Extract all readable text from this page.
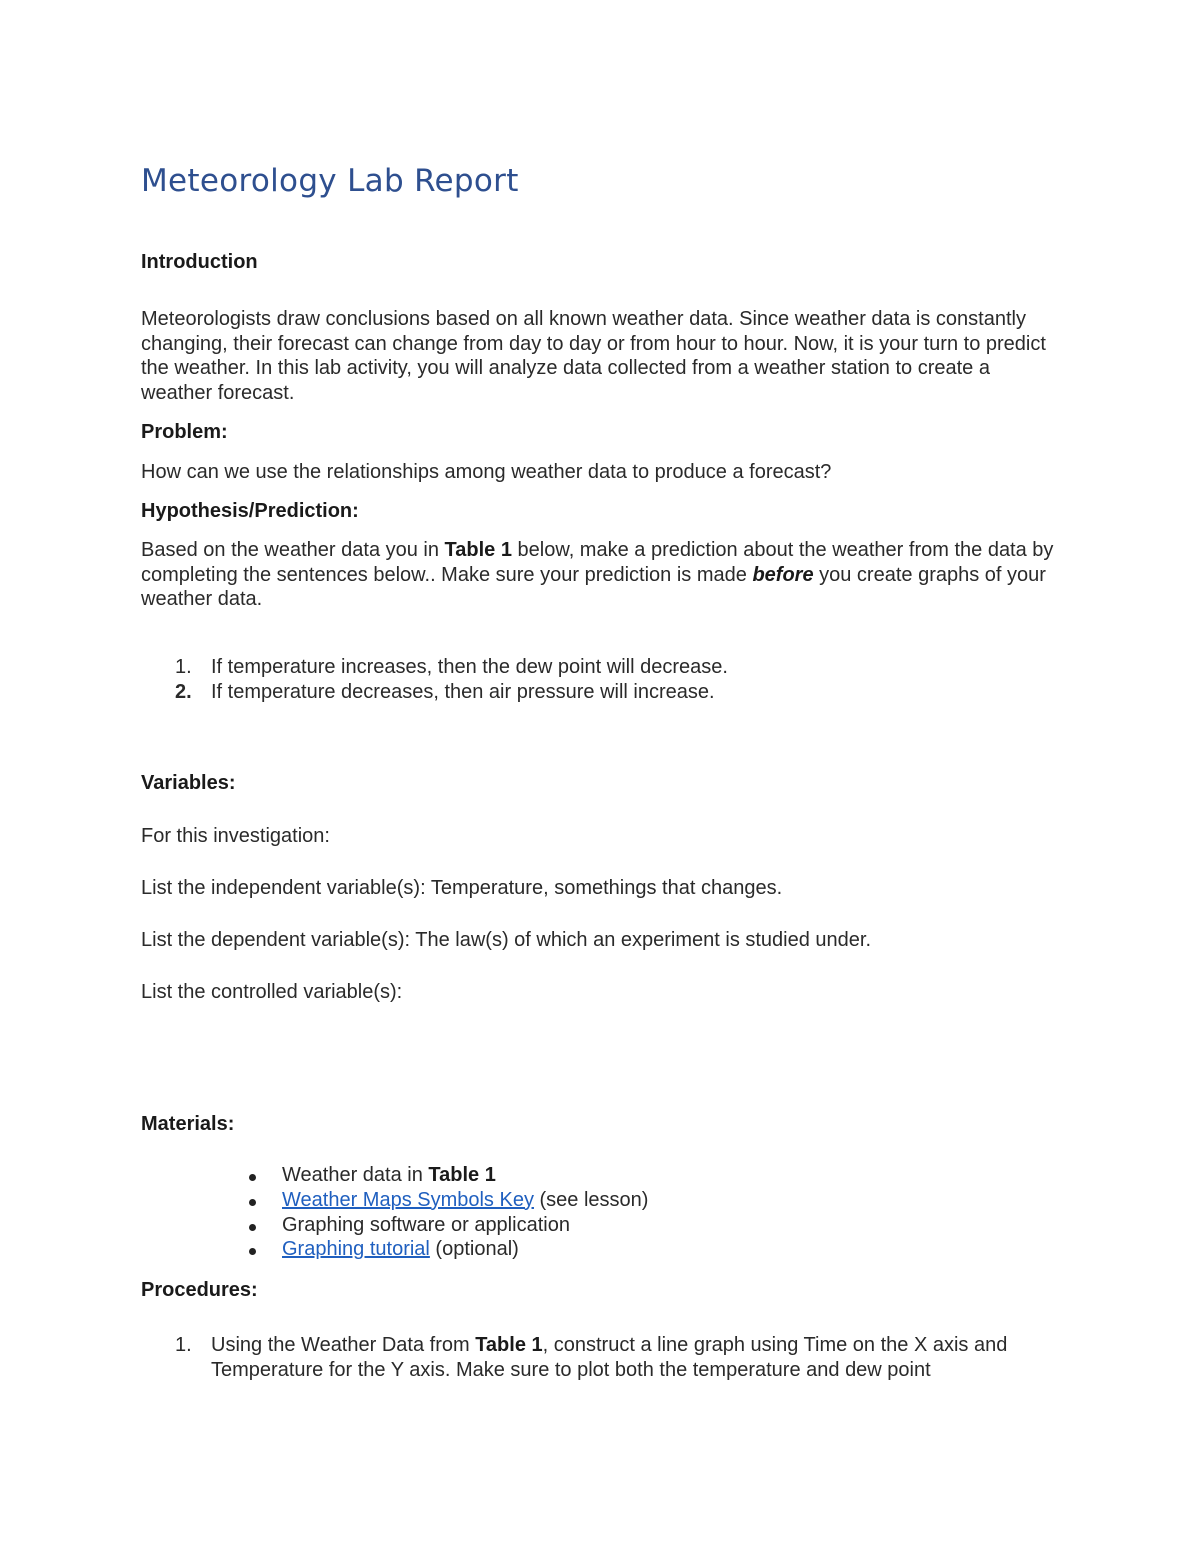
Meteorology Lab Report
Introduction

Meteorologists draw conclusions based on all known weather data. Since weather data is constantly changing, their forecast can change from day to day or from hour to hour. Now, it is your turn to predict the weather. In this lab activity, you will analyze data collected from a weather station to create a weather forecast.

Problem:

How can we use the relationships among weather data to produce a forecast?

Hypothesis/Prediction:

Based on the weather data you in Table 1 below, make a prediction about the weather from the data by completing the sentences below.. Make sure your prediction is made before you create graphs of your weather data.

1. If temperature increases, then the dew point will decrease.
2. If temperature decreases, then air pressure will increase.
Variables:

For this investigation:

List the independent variable(s): Temperature, somethings that changes.

List the dependent variable(s): The law(s) of which an experiment is studied under.

List the controlled variable(s):

Materials:
Weather data in Table 1
Weather Maps Symbols Key (see lesson)
Graphing software or application
Graphing tutorial (optional)
Procedures:
1. Using the Weather Data from Table 1, construct a line graph using Time on the X axis and Temperature for the Y axis. Make sure to plot both the temperature and dew point
